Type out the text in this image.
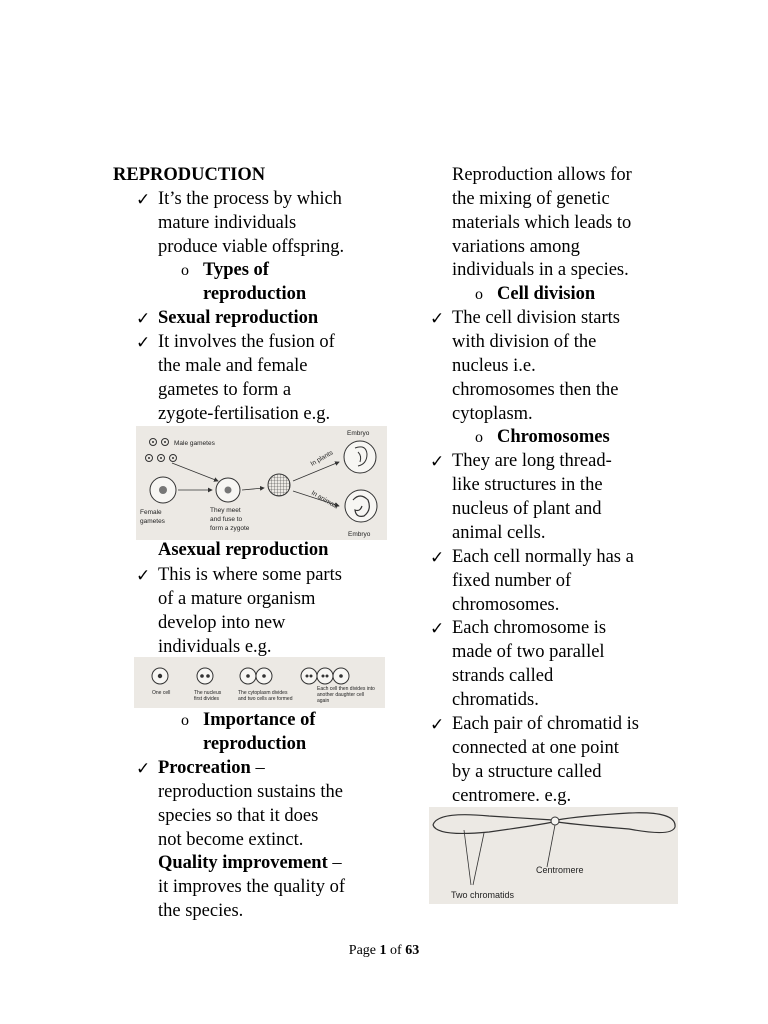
REPRODUCTION
✓ It’s the process by which
mature individuals
produce viable offspring.
o Types of
reproduction
✓ Sexual reproduction
✓ It involves the fusion of
the male and female
gametes to form a
zygote-fertilisation e.g.
Embryo
Male gametes
In plants
In animals
Female
gametes
They meet
and fuse to
form a zygote
Embryo
Asexual reproduction
✓ This is where some parts
of a mature organism
develop into new
individuals e.g.
One cell	The nucleus
first divides
The cytoplasm divides
and two cells are formed
Each cell then divides into
another daughter cell
again
o Importance of
reproduction
✓ Procreation –
reproduction sustains the
species so that it does
not become extinct.
Quality improvement –
it improves the quality of
the species.
Reproduction allows for
the mixing of genetic
materials which leads to
variations among
individuals in a species.
o Cell division
✓ The cell division starts
with division of the
nucleus i.e.
chromosomes then the
cytoplasm.
o Chromosomes
✓ They are long thread-
like structures in the
nucleus of plant and
animal cells.
✓ Each cell normally has a
fixed number of
chromosomes.
✓ Each chromosome is
made of two parallel
strands called
chromatids.
✓ Each pair of chromatid is
connected at one point
by a structure called
centromere. e.g.
Centromere
Two chromatids
Page 1 of 63
